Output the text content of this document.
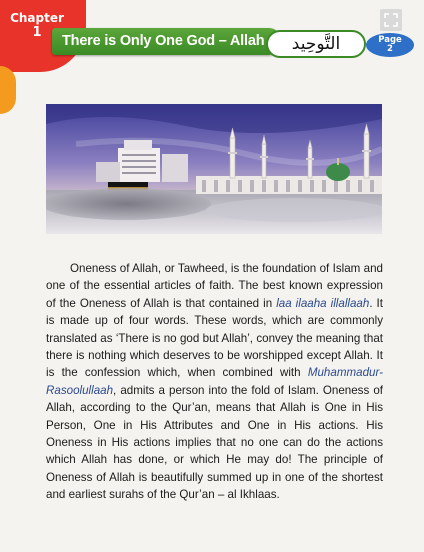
Chapter
1
There is Only One God – Allah	التَّوحِيد	Page
2

Oneness of Allah, or Tawheed, is the foundation of Islam and one of the essential articles of faith. The best known expression of the Oneness of Allah is that contained in laa ilaaha illallaah. It is made up of four words. These words, which are commonly translated as ‘There is no god but Allah’, convey the meaning that there is nothing which deserves to be worshipped except Allah. It is the confession which, when combined with Muhammadur-Rasoolullaah, admits a person into the fold of Islam. Oneness of Allah, according to the Qur’an, means that Allah is One in His Person, One in His Attributes and One in His actions. His Oneness in His actions implies that no one can do the actions which Allah has done, or which He may do! The principle of Oneness of Allah is beautifully summed up in one of the shortest and earliest surahs of the Qur’an – al Ikhlaas.
